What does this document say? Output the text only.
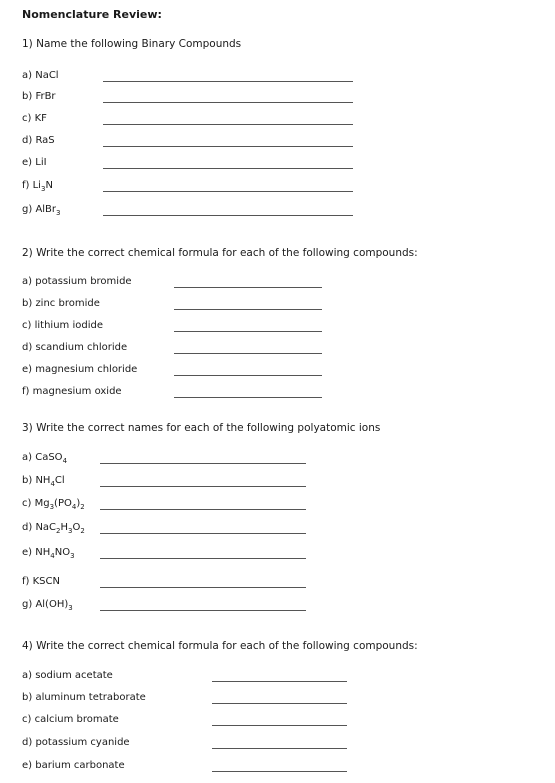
Nomenclature Review:
1) Name the following Binary Compounds
a) NaCl
b) FrBr
c) KF
d) RaS
e) LiI
f) $Li_3N$
g) AlBr$_3$
2) Write the correct chemical formula for each of the following compounds:
a) potassium bromide
b) zinc bromide
c) lithium iodide
d) scandium chloride
e) magnesium chloride
f) magnesium oxide
3) Write the correct names for each of the following polyatomic ions
a) CaSO$_4$
b) $NH_4Cl$
c) $Mg_3(PO_4)_2$
d) $NaC_2H_3O_2$
e) $NH_4NO_3$
f) KSCN
g) $Al(OH)_3$
4) Write the correct chemical formula for each of the following compounds:
a) sodium acetate
b) aluminum tetraborate
c) calcium bromate
d) potassium cyanide
e) barium carbonate
